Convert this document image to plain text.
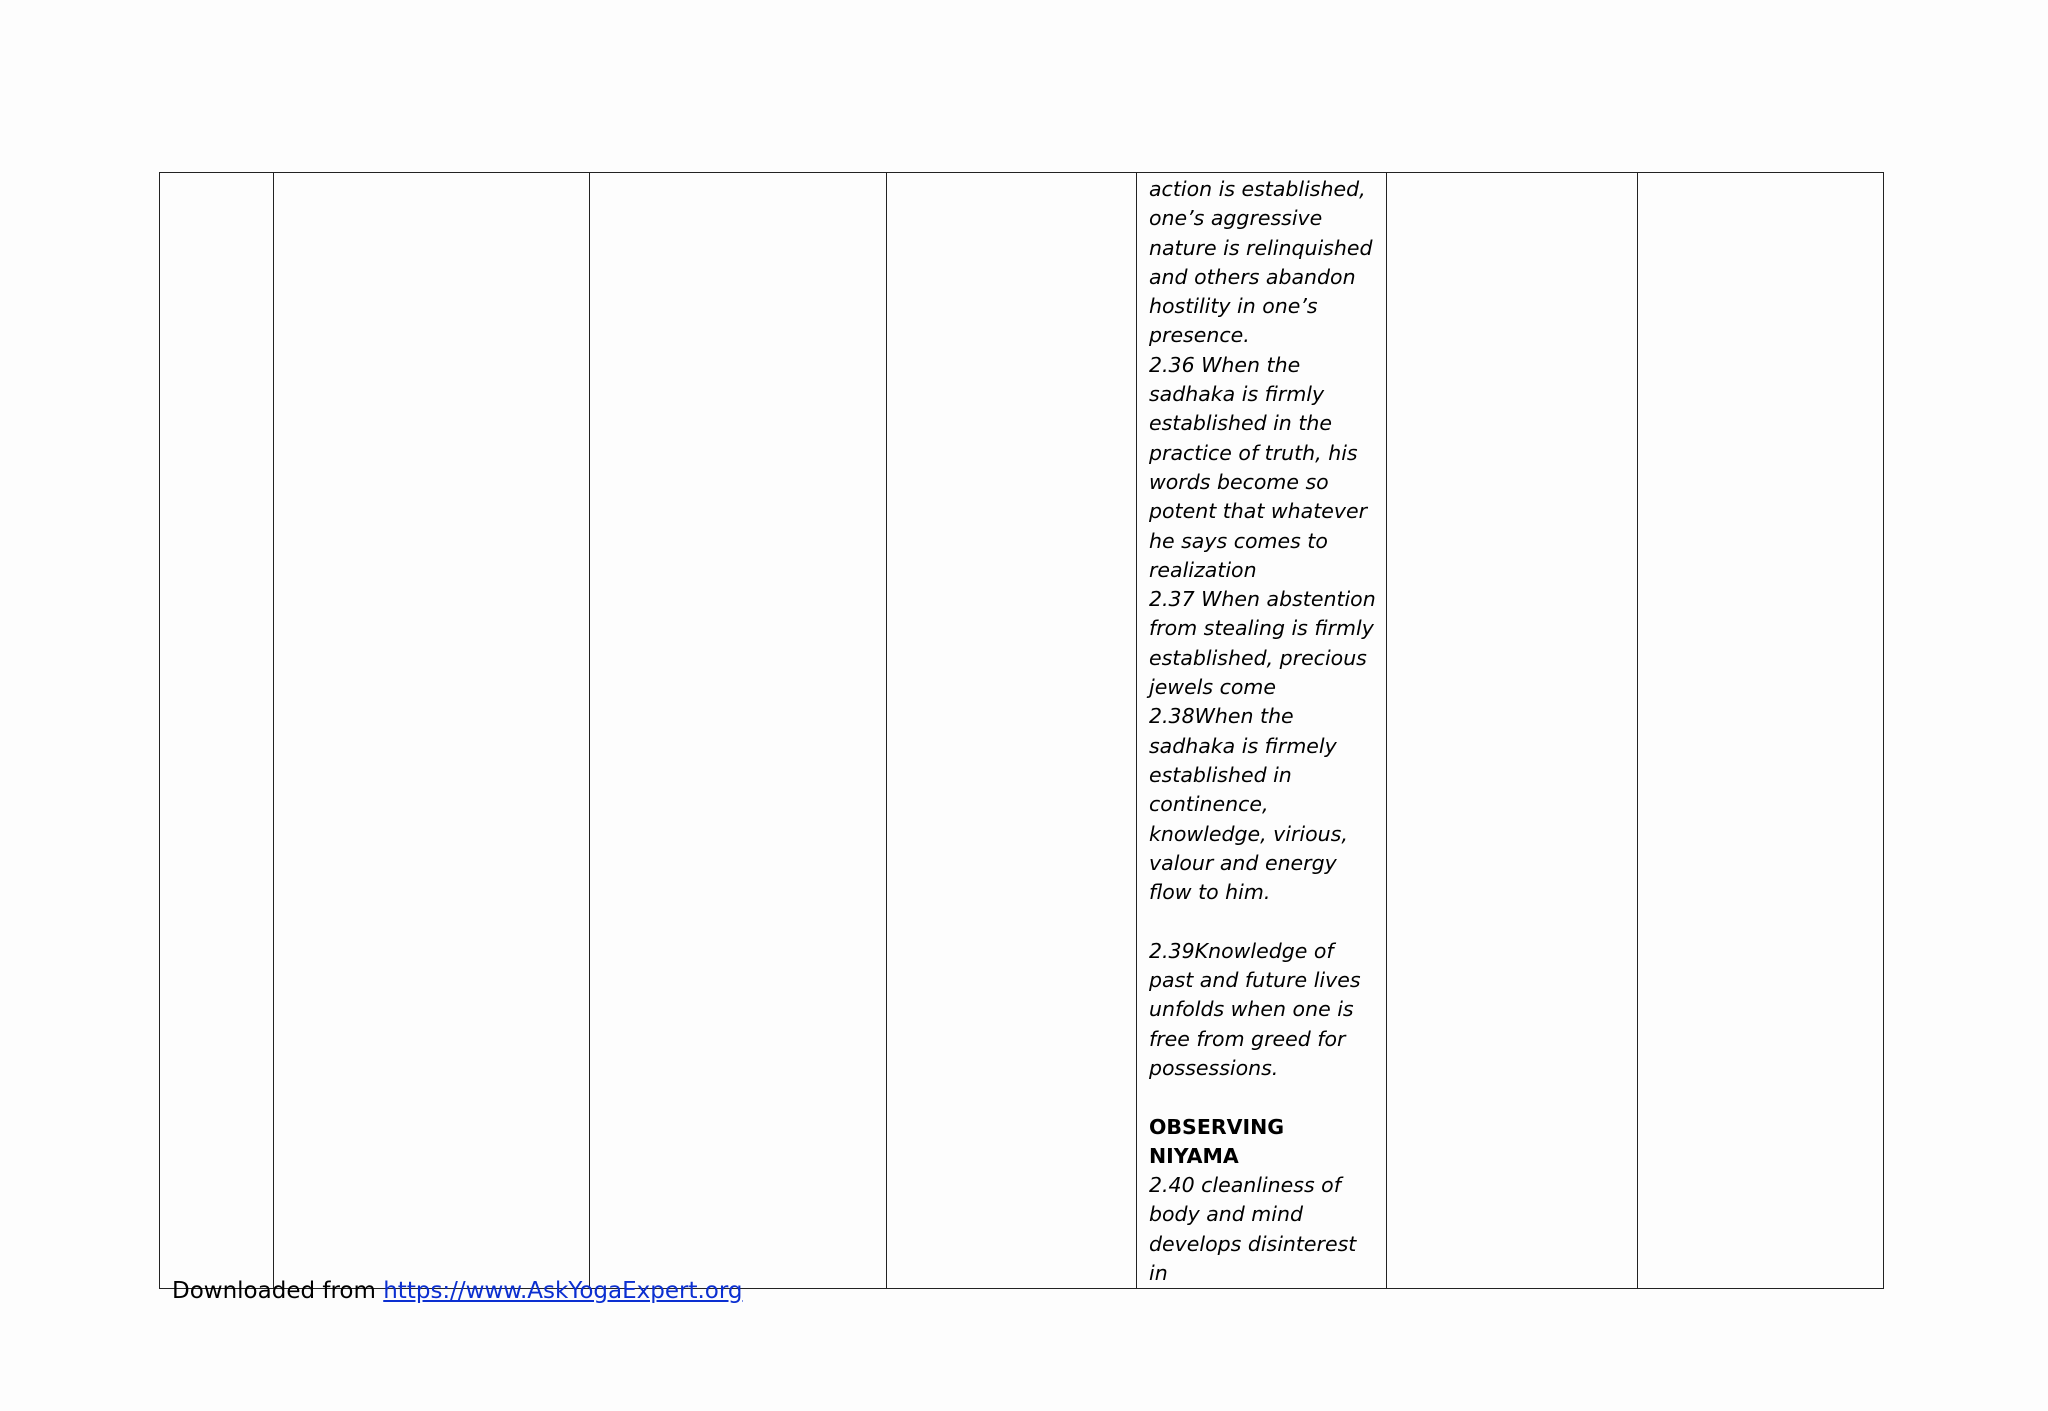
action is established, one’s aggressive nature is relinquished and others abandon hostility in one’s presence.
2.36 When the sadhaka is firmly established in the practice of truth, his words become so potent that whatever he says comes to realization
2.37 When abstention from stealing is firmly established, precious jewels come
2.38When the sadhaka is firmely established in continence, knowledge, virious, valour and energy flow to him.
2.39Knowledge of past and future lives unfolds when one is free from greed for possessions.
OBSERVING NIYAMA
2.40 cleanliness of body and mind develops disinterest in

Downloaded from https://www.AskYogaExpert.org
